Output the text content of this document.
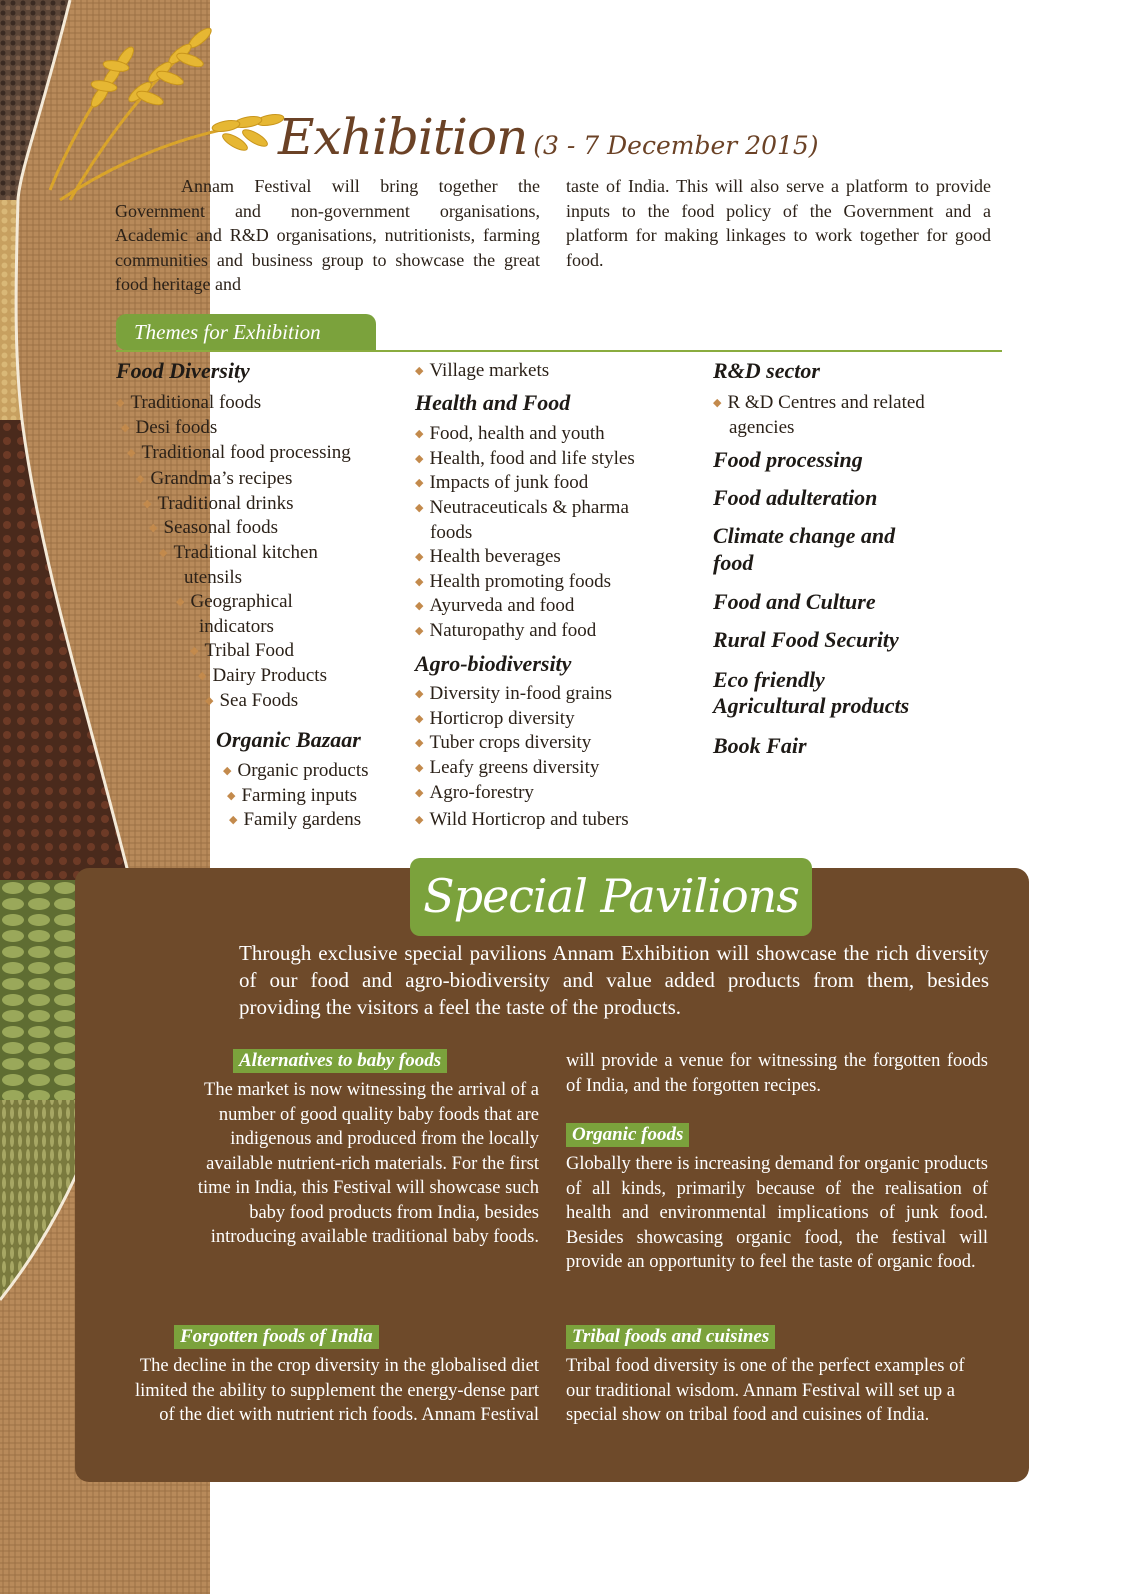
Exhibition (3 - 7 December 2015)
Annam Festival will bring together the Government and non-government organisations, Academic and R&D organisations, nutritionists, farming communities and business group to showcase the great food heritage and
taste of India. This will also serve a platform to provide inputs to the food policy of the Government and a platform for making linkages to work together for good food.
Themes for Exhibition
Food Diversity
◆ Traditional foods
◆ Desi foods
◆ Traditional food processing
◆ Grandma’s recipes
◆ Traditional drinks
◆ Seasonal foods
◆ Traditional kitchen
utensils
◆ Geographical
indicators
◆ Tribal Food
◆ Dairy Products
◆ Sea Foods
Organic Bazaar
◆ Organic products
◆ Farming inputs
◆ Family gardens
◆ Village markets
Health and Food
◆ Food, health and youth
◆ Health, food and life styles
◆ Impacts of junk food
◆ Neutraceuticals & pharma
foods
◆ Health beverages
◆ Health promoting foods
◆ Ayurveda and food
◆ Naturopathy and food
Agro-biodiversity
◆ Diversity in-food grains
◆ Horticrop diversity
◆ Tuber crops diversity
◆ Leafy greens diversity
◆ Agro-forestry
◆ Wild Horticrop and tubers
R&D sector
◆ R &D Centres and related
agencies
Food processing
Food adulteration
Climate change and
food
Food and Culture
Rural Food Security
Eco friendly
Agricultural products
Book Fair
Special Pavilions
Through exclusive special pavilions Annam Exhibition will showcase the rich diversity of our food and agro-biodiversity and value added products from them, besides providing the visitors a feel the taste of the products.
Alternatives to baby foods
The market is now witnessing the arrival of a number of good quality baby foods that are indigenous and produced from the locally available nutrient-rich materials. For the first time in India, this Festival will showcase such baby food products from India, besides introducing available traditional baby foods.
Forgotten foods of India
The decline in the crop diversity in the globalised diet limited the ability to supplement the energy-dense part of the diet with nutrient rich foods. Annam Festival
will provide a venue for witnessing the forgotten foods of India, and the forgotten recipes.
Organic foods
Globally there is increasing demand for organic products of all kinds, primarily because of the realisation of health and environmental implications of junk food. Besides showcasing organic food, the festival will provide an opportunity to feel the taste of organic food.
Tribal foods and cuisines
Tribal food diversity is one of the perfect examples of our traditional wisdom. Annam Festival will set up a special show on tribal food and cuisines of India.
